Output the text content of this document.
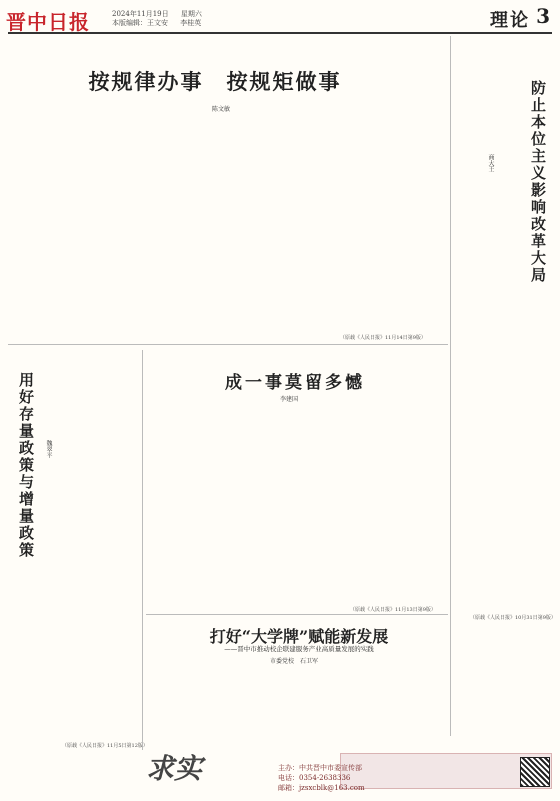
晋中日报	2024年11月19日 星期六
本版编辑：王文安 李桂英	理论 3
按规律办事　按规矩做事
陈文敏

（原载《人民日报》11月14日第9版）
防止本位主义影响改革大局
商大王
（原载《人民日报》10月31日第9版）
用好存量政策与增量政策	魏翠平
（原载《人民日报》11月5日第12版）
成一事莫留多憾
李建国
（原载《人民日报》11月13日第9版）
打好“大学牌”赋能新发展
——晋中市推动校企联建服务产业高质量发展的实践
市委党校　石卫军
求实	主办：中共晋中市委宣传部
电话：0354-2638336
邮箱：jzsxcblk@163.com
